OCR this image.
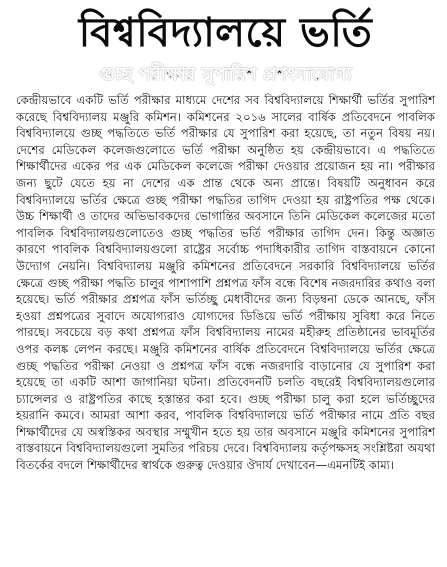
বিশ্ববিদ্যালয়ে ভর্তি
গুচ্ছ পরীক্ষার সুপারিশ প্রশংসাযোগ্য

কেন্দ্রীয়ভাবে একটি ভর্তি পরীক্ষার মাধ্যমে দেশের সব বিশ্ববিদ্যালয়ে শিক্ষার্থী ভর্তির সুপারিশ করেছে বিশ্ববিদ্যালয় মঞ্জুরি কমিশন। কমিশনের ২০১৬ সালের বার্ষিক প্রতিবেদনে পাবলিক বিশ্ববিদ্যালয়ে গুচ্ছ পদ্ধতিতে ভর্তি পরীক্ষার যে সুপারিশ করা হয়েছে, তা নতুন বিষয় নয়। দেশের মেডিকেল কলেজগুলোতে ভর্তি পরীক্ষা অনুষ্ঠিত হয় কেন্দ্রীয়ভাবে। এ পদ্ধতিতে শিক্ষার্থীদের একের পর এক মেডিকেল কলেজে পরীক্ষা দেওয়ার প্রয়োজন হয় না। পরীক্ষার জন্য ছুটে যেতে হয় না দেশের এক প্রান্ত থেকে অন্য প্রান্তে। বিষয়টি অনুধাবন করে বিশ্ববিদ্যালয়ে ভর্তির ক্ষেত্রে গুচ্ছ পরীক্ষা পদ্ধতির তাগিদ দেওয়া হয় রাষ্ট্রপতির পক্ষ থেকে। উচ্চ শিক্ষার্থী ও তাদের অভিভাবকদের ভোগান্তির অবসানে তিনি মেডিকেল কলেজের মতো পাবলিক বিশ্ববিদ্যালয়গুলোতেও গুচ্ছ পদ্ধতির ভর্তি পরীক্ষার তাগিদ দেন। কিন্তু অজ্ঞাত কারণে পাবলিক বিশ্ববিদ্যালয়গুলো রাষ্ট্রের সর্বোচ্চ পদাধিকারীর তাগিদ বাস্তবায়নে কোনো উদ্যোগ নেয়নি। বিশ্ববিদ্যালয় মঞ্জুরি কমিশনের প্রতিবেদনে সরকারি বিশ্ববিদ্যালয়ে ভর্তির ক্ষেত্রে গুচ্ছ পরীক্ষা পদ্ধতি চালুর পাশাপাশি প্রশ্নপত্র ফাঁস বন্ধে বিশেষ নজরদারির কথাও বলা হয়েছে। ভর্তি পরীক্ষার প্রশ্নপত্র ফাঁস ভর্তিচ্ছু মেধাবীদের জন্য বিড়ম্বনা ডেকে আনছে, ফাঁস হওয়া প্রশ্নপত্রের সুবাদে অযোগ্যরাও যোগ্যদের ডিঙিয়ে ভর্তি পরীক্ষায় সুবিধা করে নিতে পারছে। সবচেয়ে বড় কথা প্রশ্নপত্র ফাঁস বিশ্ববিদ্যালয় নামের মহীরুহ প্রতিষ্ঠানের ভাবমূর্তির ওপর কলঙ্ক লেপন করছে। মঞ্জুরি কমিশনের বার্ষিক প্রতিবেদনে বিশ্ববিদ্যালয়ে ভর্তির ক্ষেত্রে গুচ্ছ পদ্ধতির পরীক্ষা নেওয়া ও প্রশ্নপত্র ফাঁস বন্ধে নজরদারি বাড়ানোর যে সুপারিশ করা হয়েছে তা একটি আশা জাগানিয়া ঘটনা। প্রতিবেদনটি চলতি বছরেই বিশ্ববিদ্যালয়গুলোর চ্যান্সেলর ও রাষ্ট্রপতির কাছে হস্তান্তর করা হবে। গুচ্ছ পরীক্ষা চালু করা হলে ভর্তিচ্ছুদের হয়রানি কমবে। আমরা আশা করব, পাবলিক বিশ্ববিদ্যালয়ে ভর্তি পরীক্ষার নামে প্রতি বছর শিক্ষার্থীদের যে অস্বস্তিকর অবস্থার সম্মুখীন হতে হয় তার অবসানে মঞ্জুরি কমিশনের সুপারিশ বাস্তবায়নে বিশ্ববিদ্যালয়গুলো সুমতির পরিচয় দেবে। বিশ্ববিদ্যালয় কর্তৃপক্ষসহ সংশ্লিষ্টরা অযথা বিতর্কের বদলে শিক্ষার্থীদের স্বার্থকে গুরুত্ব দেওয়ার ঔদার্য দেখাবেন—এমনটিই কাম্য।
